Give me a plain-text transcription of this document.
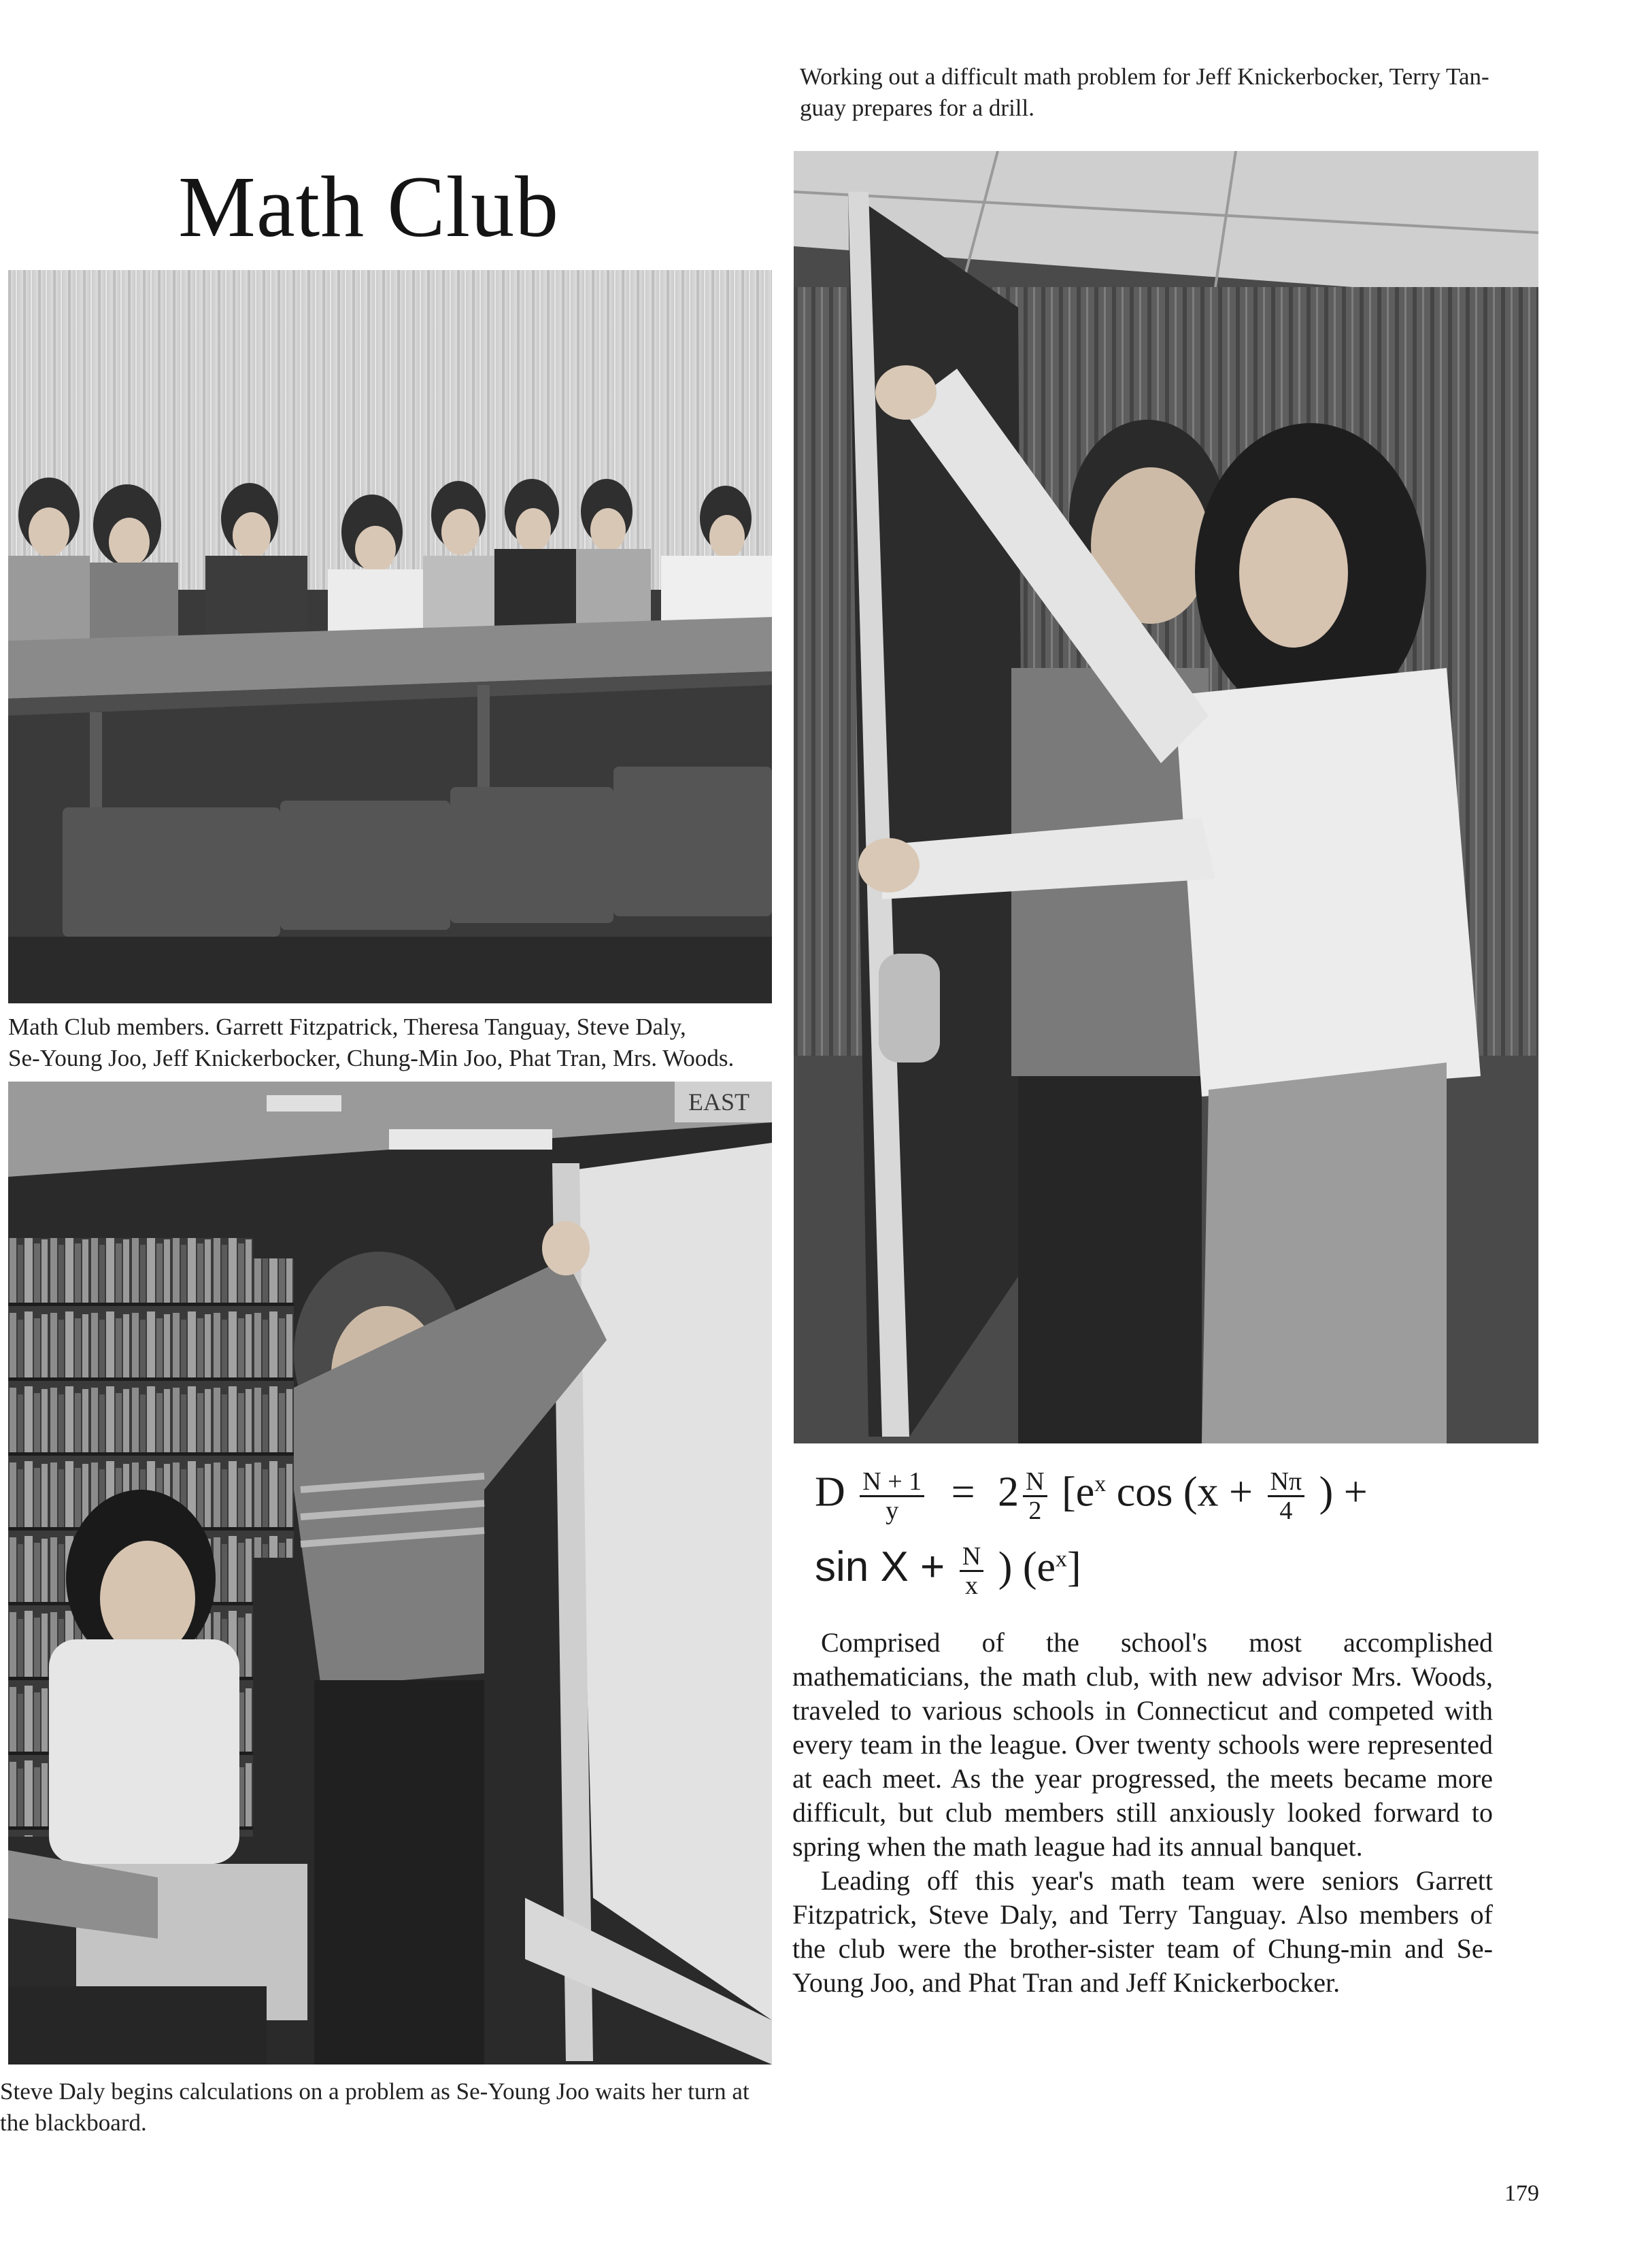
Math Club
Working out a difficult math problem for Jeff Knickerbocker, Terry Tan-
guay prepares for a drill.
Math Club members. Garrett Fitzpatrick, Theresa Tanguay, Steve Daly,
Se-Young Joo, Jeff Knickerbocker, Chung-Min Joo, Phat Tran, Mrs. Woods.
EAST
Steve Daly begins calculations on a problem as Se-Young Joo waits her turn at
the blackboard.
D $\frac{N + 1}{y} = 2 \frac{N}{2} [e^x$ $\cos (x + \frac{N\pi}{4}$ ) +
$\sin X + \frac{N}{x}$ ) $(e^x]$

Comprised of the school's most accomplished mathematicians, the math club, with new advisor Mrs. Woods, traveled to various schools in Connecticut and competed with every team in the league. Over twenty schools were represented at each meet. As the year progressed, the meets became more difficult, but club members still anxiously looked forward to spring when the math league had its annual banquet.

Leading off this year's math team were seniors Garrett Fitzpatrick, Steve Daly, and Terry Tanguay. Also members of the club were the brother-sister team of Chung-min and Se-Young Joo, and Phat Tran and Jeff Knickerbocker.

179
